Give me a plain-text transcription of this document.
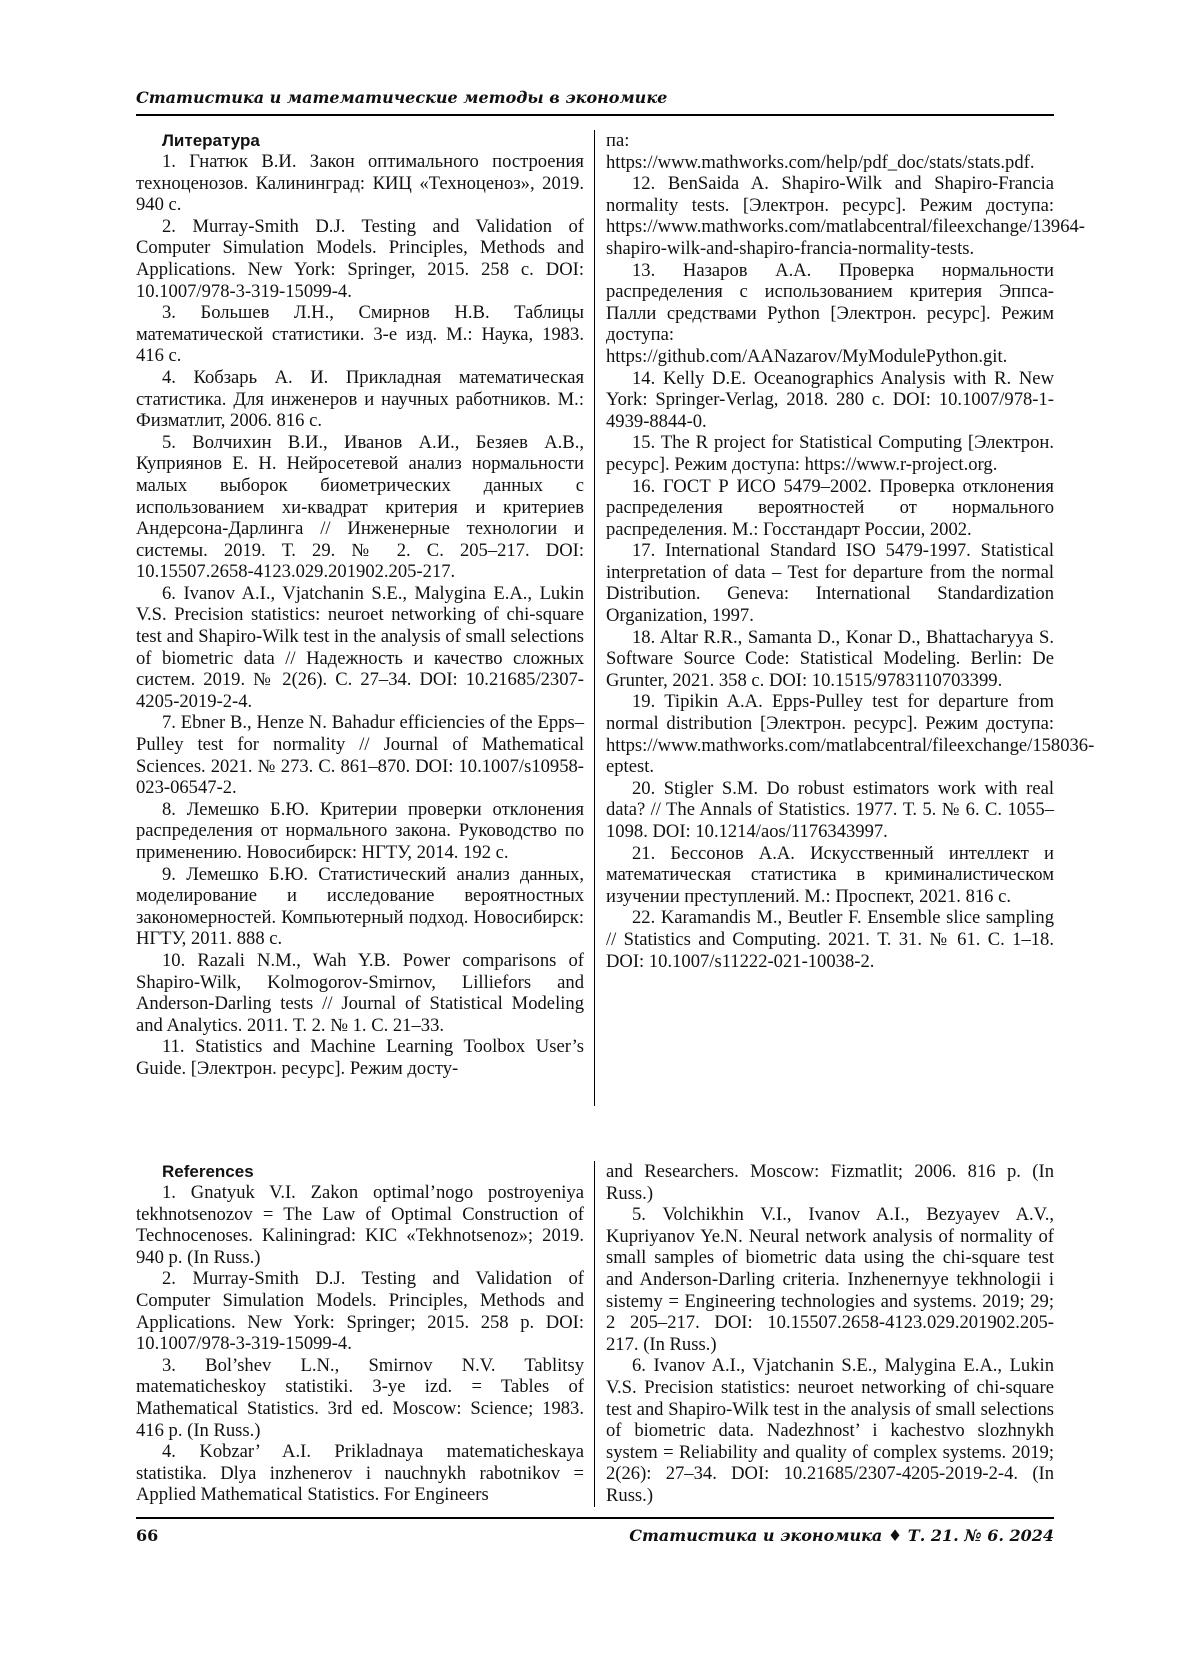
Статистика и математические методы в экономике

Литература

1. Гнатюк В.И. Закон оптимального построения техноценозов. Калининград: КИЦ «Техноценоз», 2019. 940 с.

2. Murray-Smith D.J. Testing and Validation of Computer Simulation Models. Principles, Methods and Applications. New York: Springer, 2015. 258 с. DOI: 10.1007/978-3-319-15099-4.

3. Большев Л.Н., Смирнов Н.В. Таблицы математической статистики. 3-е изд. М.: Наука, 1983. 416 с.

4. Кобзарь А. И. Прикладная математическая статистика. Для инженеров и научных работников. М.: Физматлит, 2006. 816 с.

5. Волчихин В.И., Иванов А.И., Безяев А.В., Куприянов Е. Н. Нейросетевой анализ нормальности малых выборок биометрических данных с использованием хи-квадрат критерия и критериев Андерсона-Дарлинга // Инженерные технологии и системы. 2019. Т. 29. № 2. С. 205–217. DOI: 10.15507.2658-4123.029.201902.205-217.

6. Ivanov A.I., Vjatchanin S.E., Malygina E.A., Lukin V.S. Precision statistics: neuroet networking of chi-square test and Shapiro-Wilk test in the analysis of small selections of biometric data // Надежность и качество сложных систем. 2019. № 2(26). С. 27–34. DOI: 10.21685/2307-4205-2019-2-4.

7. Ebner B., Henze N. Bahadur efficiencies of the Epps–Pulley test for normality // Journal of Mathematical Sciences. 2021. № 273. С. 861–870. DOI: 10.1007/s10958-023-06547-2.

8. Лемешко Б.Ю. Критерии проверки отклонения распределения от нормального закона. Руководство по применению. Новосибирск: НГТУ, 2014. 192 с.

9. Лемешко Б.Ю. Статистический анализ данных, моделирование и исследование вероятностных закономерностей. Компьютерный подход. Новосибирск: НГТУ, 2011. 888 с.

10. Razali N.M., Wah Y.B. Power comparisons of Shapiro-Wilk, Kolmogorov-Smirnov, Lilliefors and Anderson-Darling tests // Journal of Statistical Modeling and Analytics. 2011. Т. 2. № 1. С. 21–33.

11. Statistics and Machine Learning Toolbox User’s Guide. [Электрон. ресурс]. Режим досту-

па: https://www.mathworks.com/help/pdf_doc/stats/stats.pdf.

12. BenSaida A. Shapiro-Wilk and Shapiro-Francia normality tests. [Электрон. ресурс]. Режим доступа: https://www.mathworks.com/matlabcentral/fileexchange/13964-shapiro-wilk-and-shapiro-francia-normality-tests.

13. Назаров А.А. Проверка нормальности распределения с использованием критерия Эппса-Палли средствами Python [Электрон. ресурс]. Режим доступа: https://github.com/AANazarov/MyModulePython.git.

14. Kelly D.E. Oceanographics Analysis with R. New York: Springer-Verlag, 2018. 280 с. DOI: 10.1007/978-1-4939-8844-0.

15. The R project for Statistical Computing [Электрон. ресурс]. Режим доступа: https://www.r-project.org.

16. ГОСТ Р ИСО 5479–2002. Проверка отклонения распределения вероятностей от нормального распределения. М.: Госстандарт России, 2002.

17. International Standard ISO 5479-1997. Statistical interpretation of data – Test for departure from the normal Distribution. Geneva: International Standardization Organization, 1997.

18. Altar R.R., Samanta D., Konar D., Bhattacharyya S. Software Source Code: Statistical Modeling. Berlin: De Grunter, 2021. 358 с. DOI: 10.1515/9783110703399.

19. Tipikin A.A. Epps-Pulley test for departure from normal distribution [Электрон. ресурс]. Режим доступа: https://www.mathworks.com/matlabcentral/fileexchange/158036-eptest.

20. Stigler S.M. Do robust estimators work with real data? // The Annals of Statistics. 1977. Т. 5. № 6. С. 1055–1098. DOI: 10.1214/aos/1176343997.

21. Бессонов А.А. Искусственный интеллект и математическая статистика в криминалистическом изучении преступлений. М.: Проспект, 2021. 816 с.

22. Karamandis M., Beutler F. Ensemble slice sampling // Statistics and Computing. 2021. Т. 31. № 61. С. 1–18. DOI: 10.1007/s11222-021-10038-2.

References

1. Gnatyuk V.I. Zakon optimal’nogo postroyeniya tekhnotsenozov = The Law of Optimal Construction of Technocenoses. Kaliningrad: KIC «Tekhnotsenoz»; 2019. 940 p. (In Russ.)

2. Murray-Smith D.J. Testing and Validation of Computer Simulation Models. Principles, Methods and Applications. New York: Springer; 2015. 258 p. DOI: 10.1007/978-3-319-15099-4.

3. Bol’shev L.N., Smirnov N.V. Tablitsy matematicheskoy statistiki. 3-ye izd. = Tables of Mathematical Statistics. 3rd ed. Moscow: Science; 1983. 416 p. (In Russ.)

4. Kobzar’ A.I. Prikladnaya matematicheskaya statistika. Dlya inzhenerov i nauchnykh rabotnikov = Applied Mathematical Statistics. For Engineers

and Researchers. Moscow: Fizmatlit; 2006. 816 p. (In Russ.)

5. Volchikhin V.I., Ivanov A.I., Bezyayev A.V., Kupriyanov Ye.N. Neural network analysis of normality of small samples of biometric data using the chi-square test and Anderson-Darling criteria. Inzhenernyye tekhnologii i sistemy = Engineering technologies and systems. 2019; 29; 2 205–217. DOI: 10.15507.2658-4123.029.201902.205-217. (In Russ.)

6. Ivanov A.I., Vjatchanin S.E., Malygina E.A., Lukin V.S. Precision statistics: neuroet networking of chi-square test and Shapiro-Wilk test in the analysis of small selections of biometric data. Nadezhnost’ i kachestvo slozhnykh system = Reliability and quality of complex systems. 2019; 2(26): 27–34. DOI: 10.21685/2307-4205-2019-2-4. (In Russ.)

66	Статистика и экономика ♦ Т. 21. № 6. 2024
